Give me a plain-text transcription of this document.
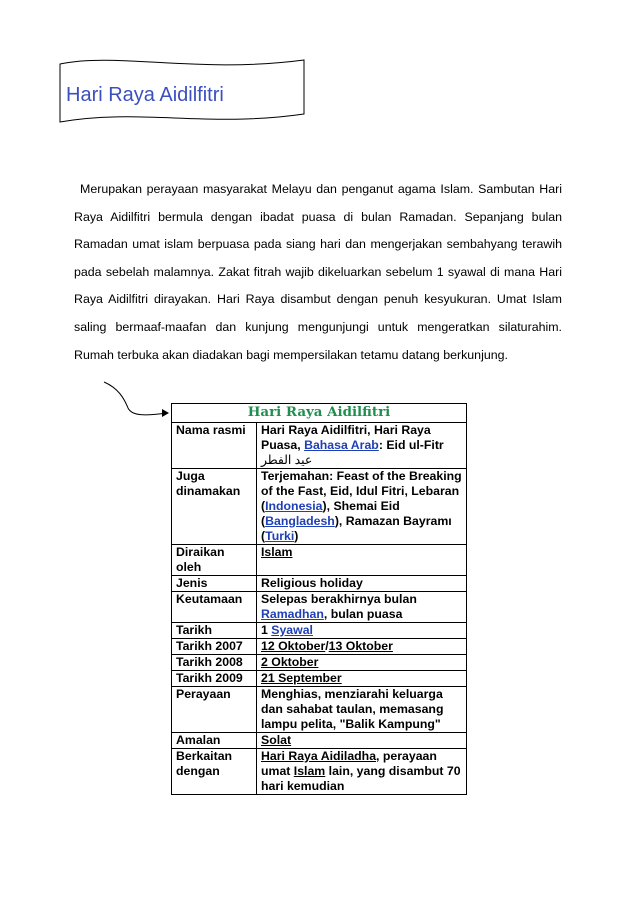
Hari Raya Aidilfitri

Merupakan perayaan masyarakat Melayu dan penganut agama Islam. Sambutan Hari Raya Aidilfitri bermula dengan ibadat puasa di bulan Ramadan. Sepanjang bulan Ramadan umat islam berpuasa pada siang hari dan mengerjakan sembahyang terawih pada sebelah malamnya. Zakat fitrah wajib dikeluarkan sebelum 1 syawal di mana Hari Raya Aidilfitri dirayakan. Hari Raya disambut dengan penuh kesyukuran. Umat Islam saling bermaaf-maafan dan kunjung mengunjungi untuk mengeratkan silaturahim. Rumah terbuka akan diadakan bagi mempersilakan tetamu datang berkunjung.

Hari Raya Aidilfitri	
Nama rasmi	Hari Raya Aidilfitri, Hari Raya Puasa, Bahasa Arab: Eid ul-Fitr
عيد الفطر
Juga dinamakan	Terjemahan: Feast of the Breaking of the Fast, Eid, Idul Fitri, Lebaran (Indonesia), Shemai Eid (Bangladesh), Ramazan Bayramı (Turki)
Diraikan oleh	Islam
Jenis	Religious holiday
Keutamaan	Selepas berakhirnya bulan Ramadhan, bulan puasa
Tarikh	1 Syawal
Tarikh 2007	12 Oktober/13 Oktober
Tarikh 2008	2 Oktober
Tarikh 2009	21 September
Perayaan	Menghias, menziarahi keluarga dan sahabat taulan, memasang lampu pelita, "Balik Kampung"
Amalan	Solat
Berkaitan dengan	Hari Raya Aidiladha, perayaan umat Islam lain, yang disambut 70 hari kemudian
